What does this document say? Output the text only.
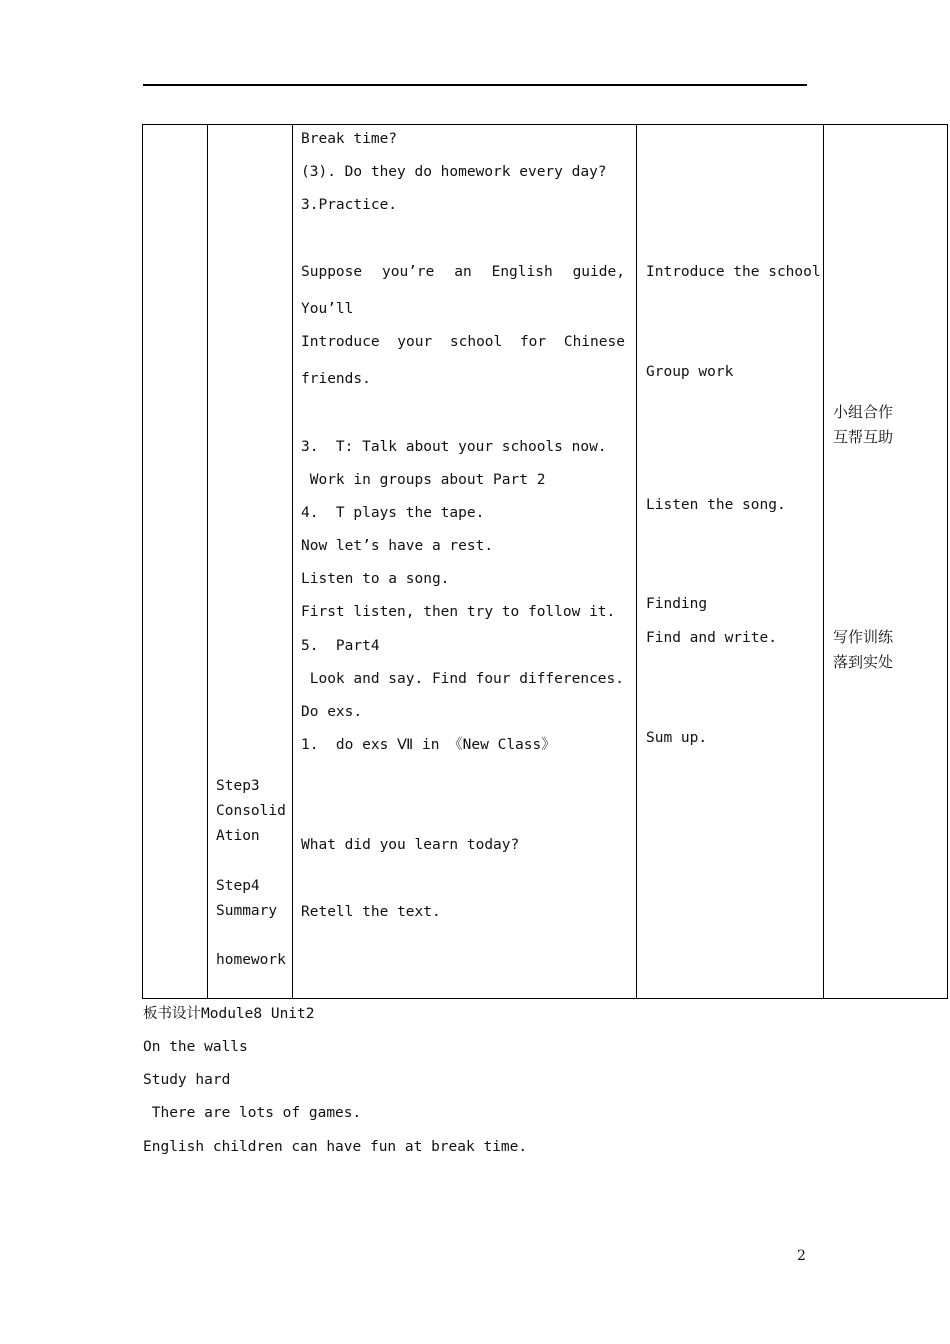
Step3
Consolid
Ation
Step4
Summary
homework
Break time?
(3). Do they do homework every day?
3.Practice.
Suppose you’re an English guide,
You’ll
Introduce your school for Chinese
friends.
3.  T: Talk about your schools now.
Work in groups about Part 2
4.  T plays the tape.
Now let’s have a rest.
Listen to a song.
First listen, then try to follow it.
5.  Part4
Look and say. Find four differences.
Do exs.
1.  do exs Ⅶ in 《New Class》
What did you learn today?
Retell the text.
Introduce the school
Group work
Listen the song.
Finding
Find and write.
Sum up.
小组合作
互帮互助
写作训练
落到实处
板书设计Module8 Unit2
On the walls
Study hard
There are lots of games.
English children can have fun at break time.
2
